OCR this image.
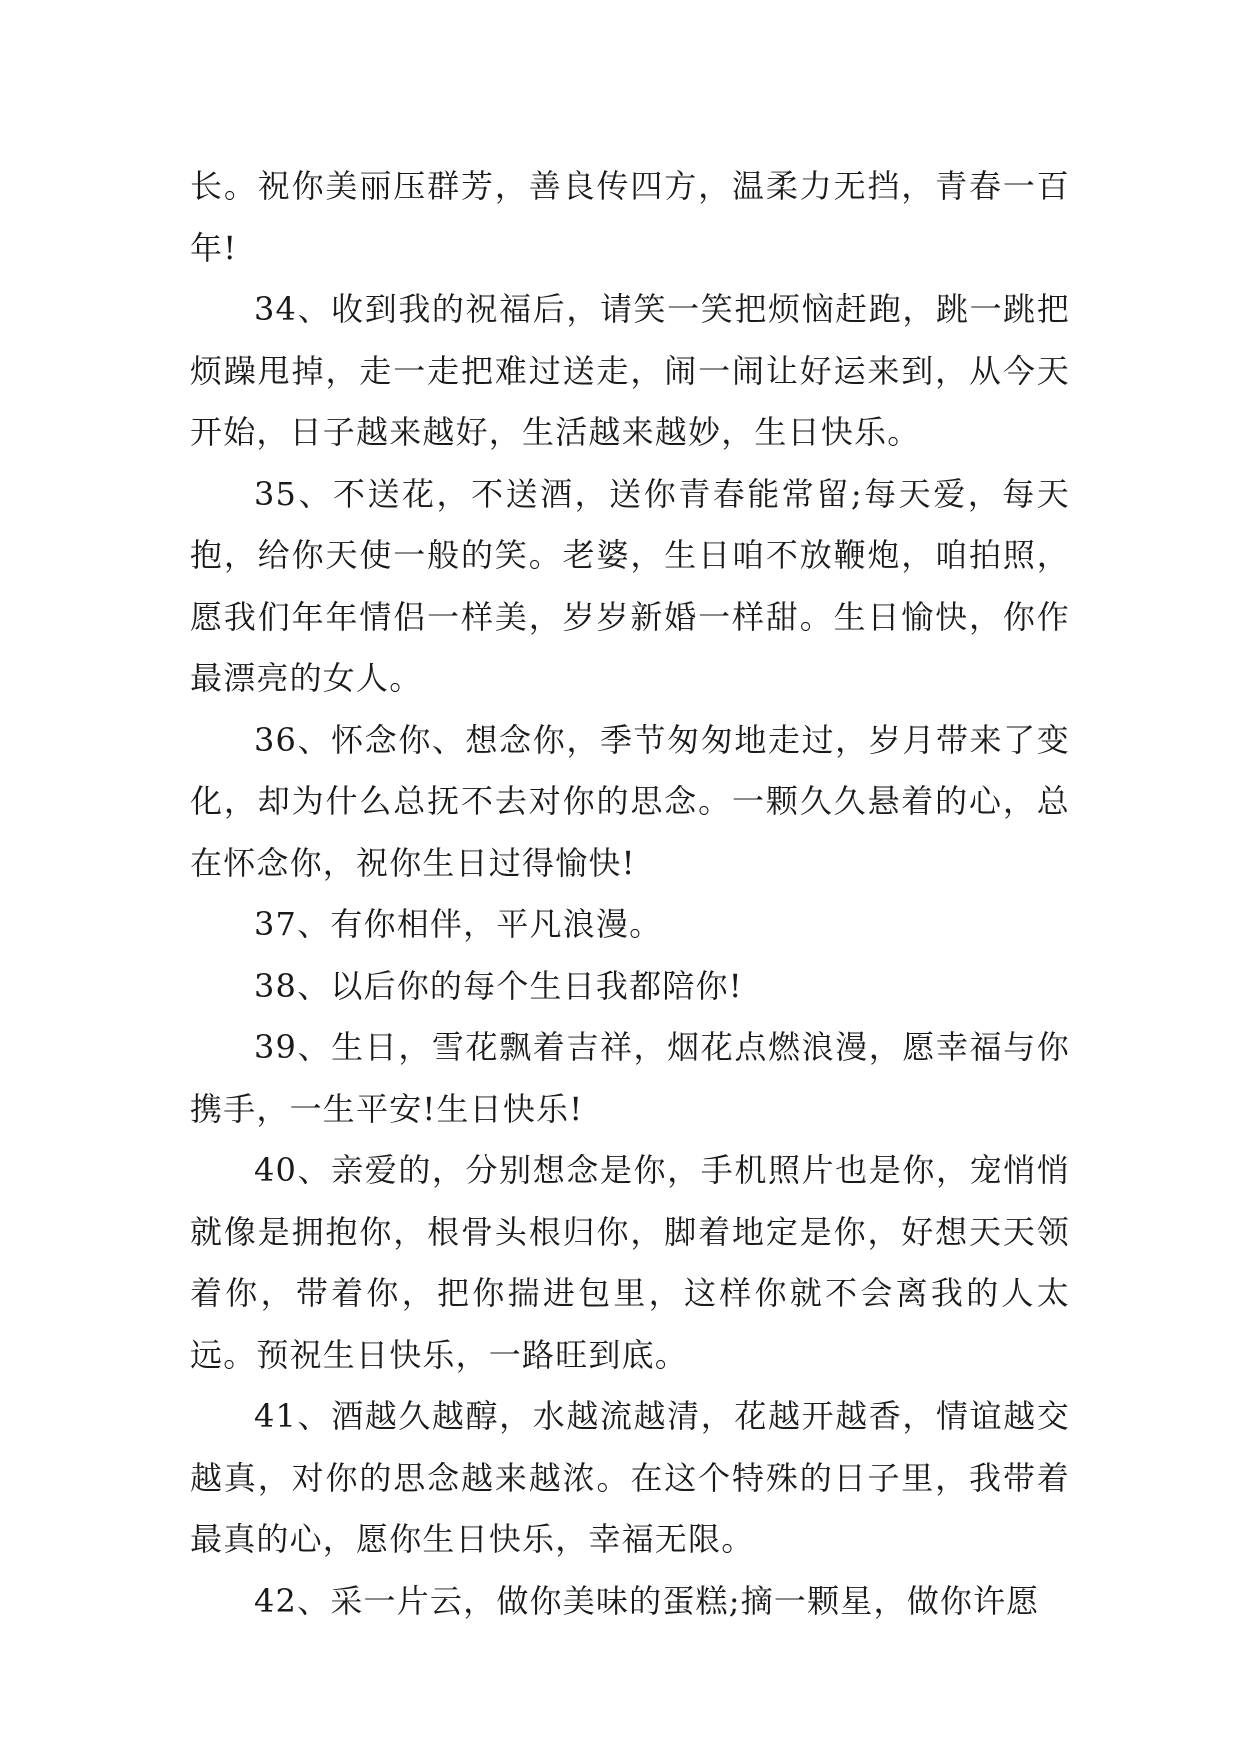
长。祝你美丽压群芳，善良传四方，温柔力无挡，青春一百年!

34、收到我的祝福后，请笑一笑把烦恼赶跑，跳一跳把烦躁甩掉，走一走把难过送走，闹一闹让好运来到，从今天开始，日子越来越好，生活越来越妙，生日快乐。

35、不送花，不送酒，送你青春能常留;每天爱，每天抱，给你天使一般的笑。老婆，生日咱不放鞭炮，咱拍照，愿我们年年情侣一样美，岁岁新婚一样甜。生日愉快，你作最漂亮的女人。

36、怀念你、想念你，季节匆匆地走过，岁月带来了变化，却为什么总抚不去对你的思念。一颗久久悬着的心，总在怀念你，祝你生日过得愉快!

37、有你相伴，平凡浪漫。

38、以后你的每个生日我都陪你!

39、生日，雪花飘着吉祥，烟花点燃浪漫，愿幸福与你携手，一生平安!生日快乐!

40、亲爱的，分别想念是你，手机照片也是你，宠悄悄就像是拥抱你，根骨头根归你，脚着地定是你，好想天天领着你，带着你，把你揣进包里，这样你就不会离我的人太远。预祝生日快乐，一路旺到底。

41、酒越久越醇，水越流越清，花越开越香，情谊越交越真，对你的思念越来越浓。在这个特殊的日子里，我带着最真的心，愿你生日快乐，幸福无限。

42、采一片云，做你美味的蛋糕;摘一颗星，做你许愿
